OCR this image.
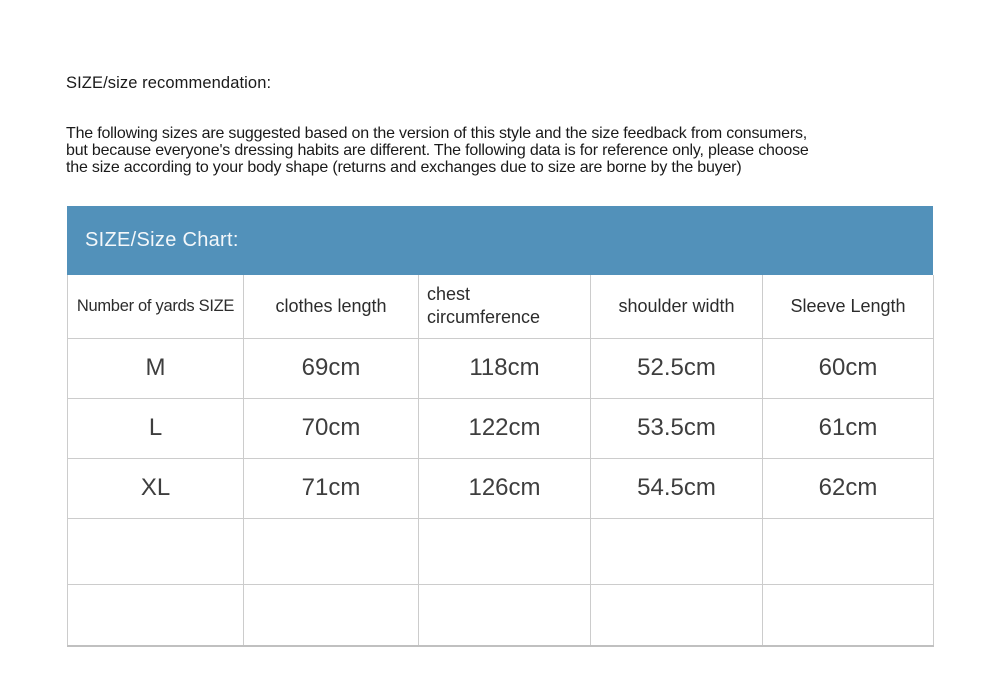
SIZE/size recommendation:
The following sizes are suggested based on the version of this style and the size feedback from consumers,
but because everyone's dressing habits are different. The following data is for reference only, please choose
the size according to your body shape (returns and exchanges due to size are borne by the buyer)
SIZE/Size Chart:
Number of yards SIZE	clothes length	chest circumference	shoulder width	Sleeve Length
M	69cm	118cm	52.5cm	60cm
L	70cm	122cm	53.5cm	61cm
XL	71cm	126cm	54.5cm	62cm
